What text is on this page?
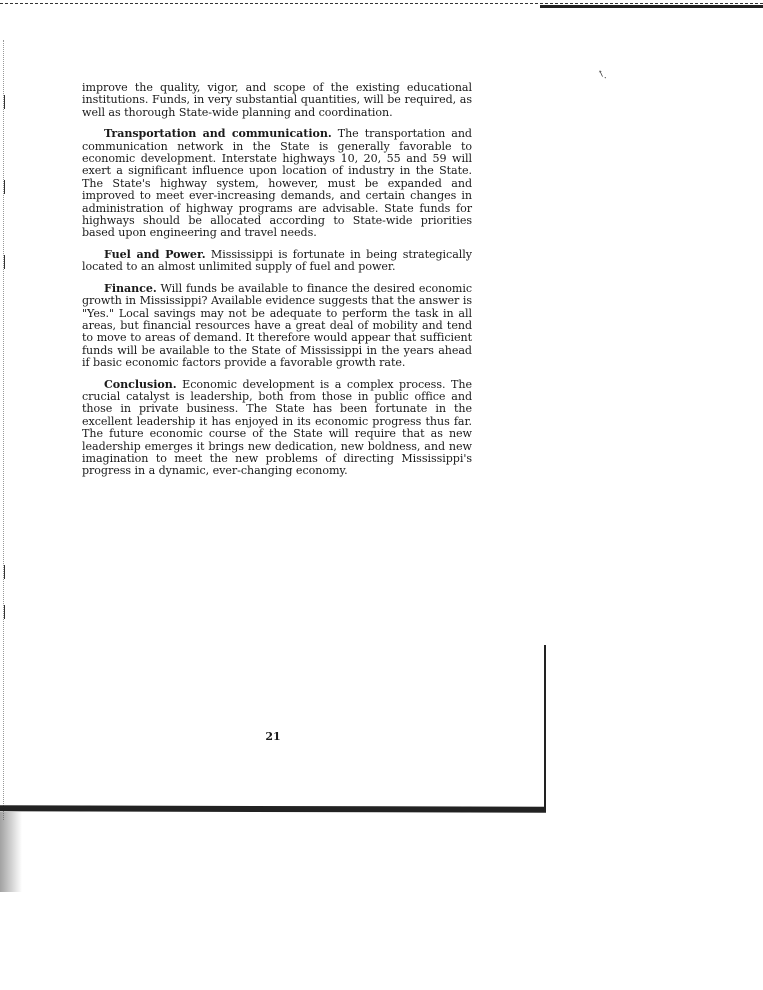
↖.

improve the quality, vigor, and scope of the existing educational institutions. Funds, in very substantial quantities, will be required, as well as thorough State-wide planning and coordination.

Transportation and communication. The transportation and communication network in the State is generally favorable to economic development. Interstate highways 10, 20, 55 and 59 will exert a significant influence upon location of industry in the State. The State's highway system, however, must be expanded and improved to meet ever-increasing demands, and certain changes in administration of highway programs are advisable. State funds for highways should be allocated according to State-wide priorities based upon engineering and travel needs.

Fuel and Power. Mississippi is fortunate in being strategically located to an almost unlimited supply of fuel and power.

Finance. Will funds be available to finance the desired economic growth in Mississippi? Available evidence suggests that the answer is "Yes." Local savings may not be adequate to perform the task in all areas, but financial resources have a great deal of mobility and tend to move to areas of demand. It therefore would appear that sufficient funds will be available to the State of Mississippi in the years ahead if basic economic factors provide a favorable growth rate.

Conclusion. Economic development is a complex process. The crucial catalyst is leadership, both from those in public office and those in private business. The State has been fortunate in the excellent leadership it has enjoyed in its economic progress thus far. The future economic course of the State will require that as new leadership emerges it brings new dedication, new boldness, and new imagination to meet the new problems of directing Mississippi's progress in a dynamic, ever-changing economy.

21
